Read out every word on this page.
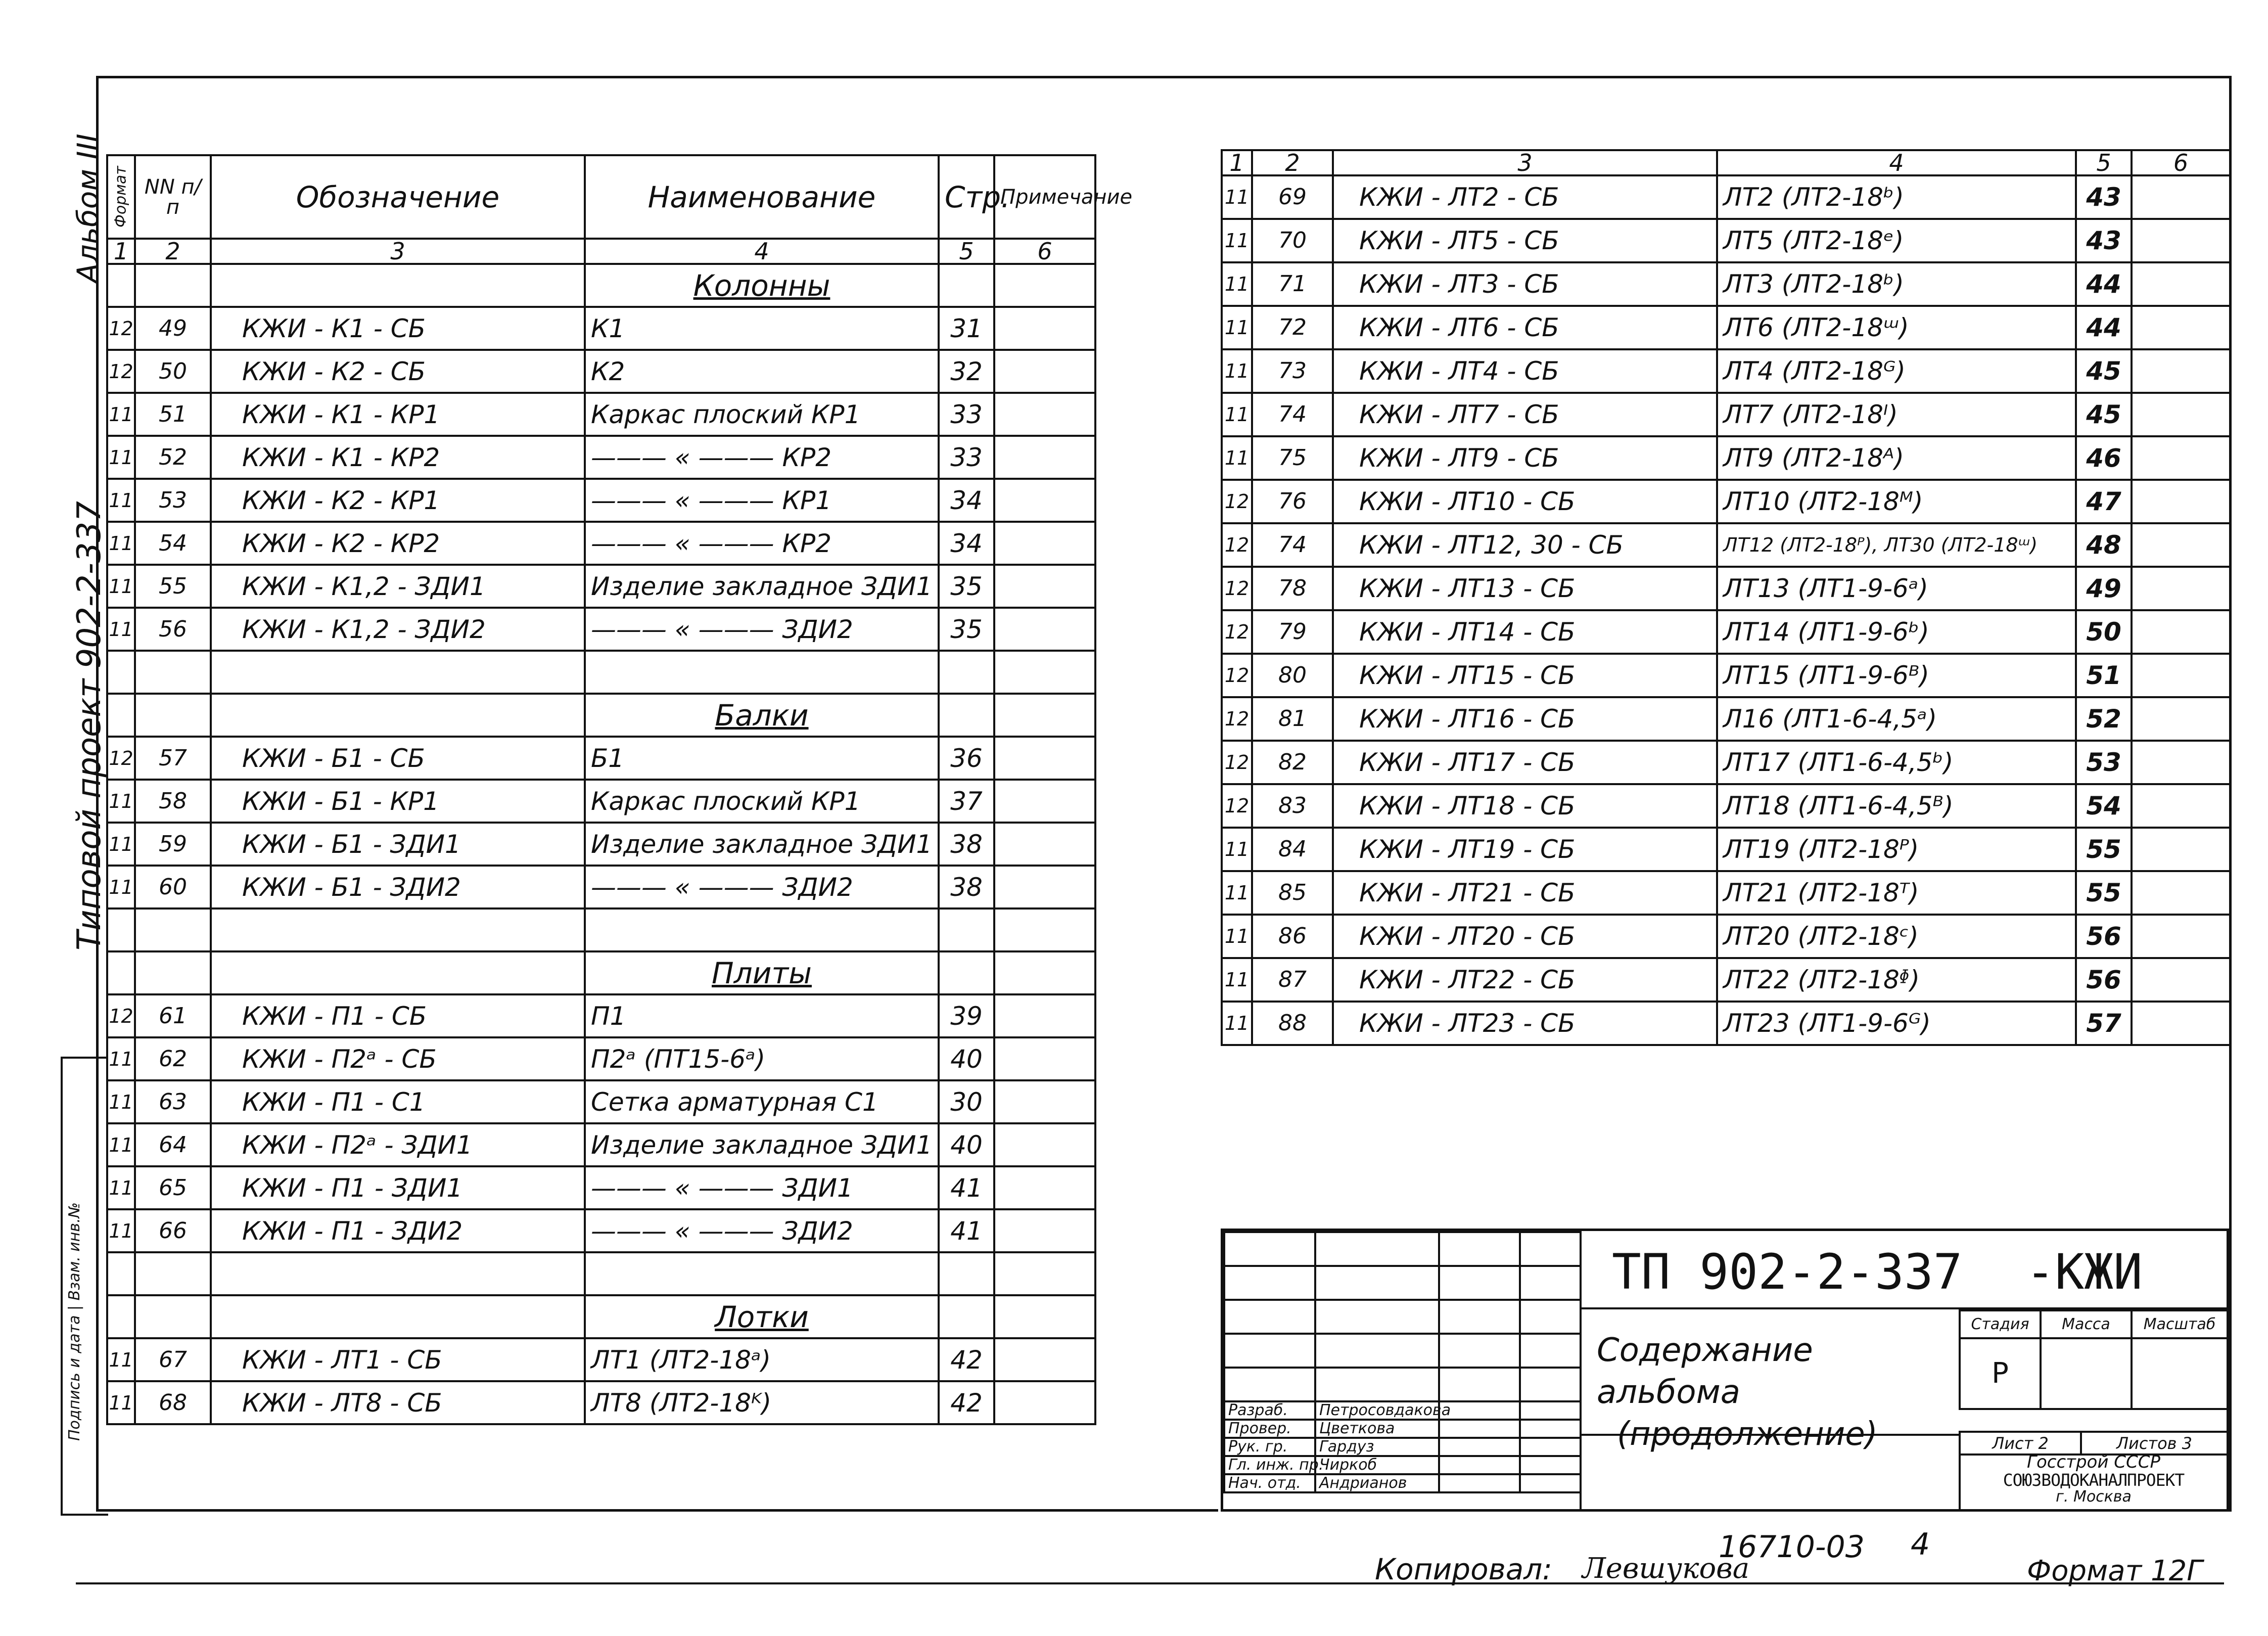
Альбом III
Типовой проект 902-2-337
Подпись и дата | Взам. инв.№
Формат	NN п/п	Обозначение	Наименование	Стр.	Примечание
1	2	3	4	5	6
			Колонны		
12	49	КЖИ - К1 - СБ	К1	31	
12	50	КЖИ - К2 - СБ	К2	32	
11	51	КЖИ - К1 - КР1	Каркас плоский КР1	33	
11	52	КЖИ - К1 - КР2	——— « ——— КР2	33	
11	53	КЖИ - К2 - КР1	——— « ——— КР1	34	
11	54	КЖИ - К2 - КР2	——— « ——— КР2	34	
11	55	КЖИ - К1,2 - ЗДИ1	Изделие закладное ЗДИ1	35	
11	56	КЖИ - К1,2 - ЗДИ2	——— « ——— ЗДИ2	35	

			Балки		
12	57	КЖИ - Б1 - СБ	Б1	36	
11	58	КЖИ - Б1 - КР1	Каркас плоский КР1	37	
11	59	КЖИ - Б1 - ЗДИ1	Изделие закладное ЗДИ1	38	
11	60	КЖИ - Б1 - ЗДИ2	——— « ——— ЗДИ2	38	

			Плиты		
12	61	КЖИ - П1 - СБ	П1	39	
11	62	КЖИ - П2ᵃ - СБ	П2ᵃ (ПТ15-6ᵃ)	40	
11	63	КЖИ - П1 - С1	Сетка арматурная С1	30	
11	64	КЖИ - П2ᵃ - ЗДИ1	Изделие закладное ЗДИ1	40	
11	65	КЖИ - П1 - ЗДИ1	——— « ——— ЗДИ1	41	
11	66	КЖИ - П1 - ЗДИ2	——— « ——— ЗДИ2	41	

			Лотки		
11	67	КЖИ - ЛТ1 - СБ	ЛТ1 (ЛТ2-18ᵃ)	42	
11	68	КЖИ - ЛТ8 - СБ	ЛТ8 (ЛТ2-18ᴷ)	42	
1	2	3	4	5	6
11	69	КЖИ - ЛТ2 - СБ	ЛТ2 (ЛТ2-18ᵇ)	43	
11	70	КЖИ - ЛТ5 - СБ	ЛТ5 (ЛТ2-18ᵉ)	43	
11	71	КЖИ - ЛТ3 - СБ	ЛТ3 (ЛТ2-18ᵇ)	44	
11	72	КЖИ - ЛТ6 - СБ	ЛТ6 (ЛТ2-18ᵚ)	44	
11	73	КЖИ - ЛТ4 - СБ	ЛТ4 (ЛТ2-18ᴳ)	45	
11	74	КЖИ - ЛТ7 - СБ	ЛТ7 (ЛТ2-18ᴵ)	45	
11	75	КЖИ - ЛТ9 - СБ	ЛТ9 (ЛТ2-18ᴬ)	46	
12	76	КЖИ - ЛТ10 - СБ	ЛТ10 (ЛТ2-18ᴹ)	47	
12	74	КЖИ - ЛТ12, 30 - СБ	ЛТ12 (ЛТ2-18ᴾ), ЛТ30 (ЛТ2-18ᵚ)	48	
12	78	КЖИ - ЛТ13 - СБ	ЛТ13 (ЛТ1-9-6ᵃ)	49	
12	79	КЖИ - ЛТ14 - СБ	ЛТ14 (ЛТ1-9-6ᵇ)	50	
12	80	КЖИ - ЛТ15 - СБ	ЛТ15 (ЛТ1-9-6ᴮ)	51	
12	81	КЖИ - ЛТ16 - СБ	Л16 (ЛТ1-6-4,5ᵃ)	52	
12	82	КЖИ - ЛТ17 - СБ	ЛТ17 (ЛТ1-6-4,5ᵇ)	53	
12	83	КЖИ - ЛТ18 - СБ	ЛТ18 (ЛТ1-6-4,5ᴮ)	54	
11	84	КЖИ - ЛТ19 - СБ	ЛТ19 (ЛТ2-18ᴾ)	55	
11	85	КЖИ - ЛТ21 - СБ	ЛТ21 (ЛТ2-18ᵀ)	55	
11	86	КЖИ - ЛТ20 - СБ	ЛТ20 (ЛТ2-18ᶜ)	56	
11	87	КЖИ - ЛТ22 - СБ	ЛТ22 (ЛТ2-18ᶲ)	56	
11	88	КЖИ - ЛТ23 - СБ	ЛТ23 (ЛТ1-9-6ᴳ)	57	

Разраб.	Петросовдакова		
Провер.	Цветкова		
Рук. гр.	Гардуз		
Гл. инж. пр.	Чиркоб		
Нач. отд.	Андрианов		
ТП 902-2-337 -КЖИ
Содержание альбома
(продолжение)
Стадия	Масса	Масштаб
Р		
Лист 2	Листов 3
Госстрой СССР
СОЮЗВОДОКАНАЛПРОЕКТ
г. Москва
Копировал: Левшукова
16710-03 4
Формат 12Г
